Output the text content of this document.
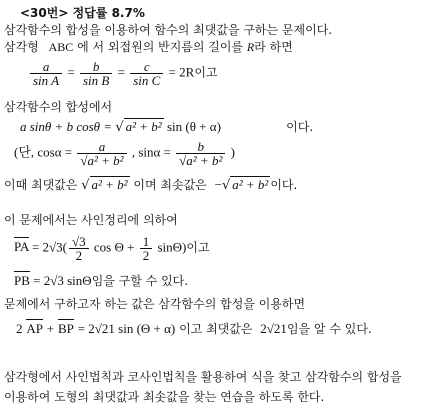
<30번> 정답률 8.7%
삼각함수의 합성을 이용하여 함수의 최댓값을 구하는 문제이다.
삼각형 ABC 에 서 외접원의 반지름의 길이를 R라 하면
$\frac{a}{\text{sin A}} = \frac{b}{\text{sin B}} = \frac{c}{\text{sin C}} = 2R$이고
삼각함수의 합성에서
a sinθ + b cosθ = √ a² + b² sin (θ + α)	이다.
(단, $\cos\alpha = \frac{a}{\text{√a² + b²}}$ , $\sin\alpha = \frac{b}{\text{√a² + b²}}$ )
이때 최댓값은 √ a² + b² 이며 최솟값은 −√ a² + b² 이다.
이 문제에서는 사인정리에 의하여
PA = $2√3( \frac{√3}{2}$ $\cos \Theta + \frac{1}{2} \sin\Theta$)이고
PB = 2√3 sinΘ임을 구할 수 있다.
문제에서 구하고자 하는 값은 삼각함수의 합성을 이용하면
2 AP + BP = 2√21 sin (Θ + α) 이고 최댓값은 2√21임을 알 수 있다.
삼각형에서 사인법칙과 코사인법칙을 활용하여 식을 찾고 삼각함수의 합성을
이용하여 도형의 최댓값과 최솟값을 찾는 연습을 하도록 한다.
